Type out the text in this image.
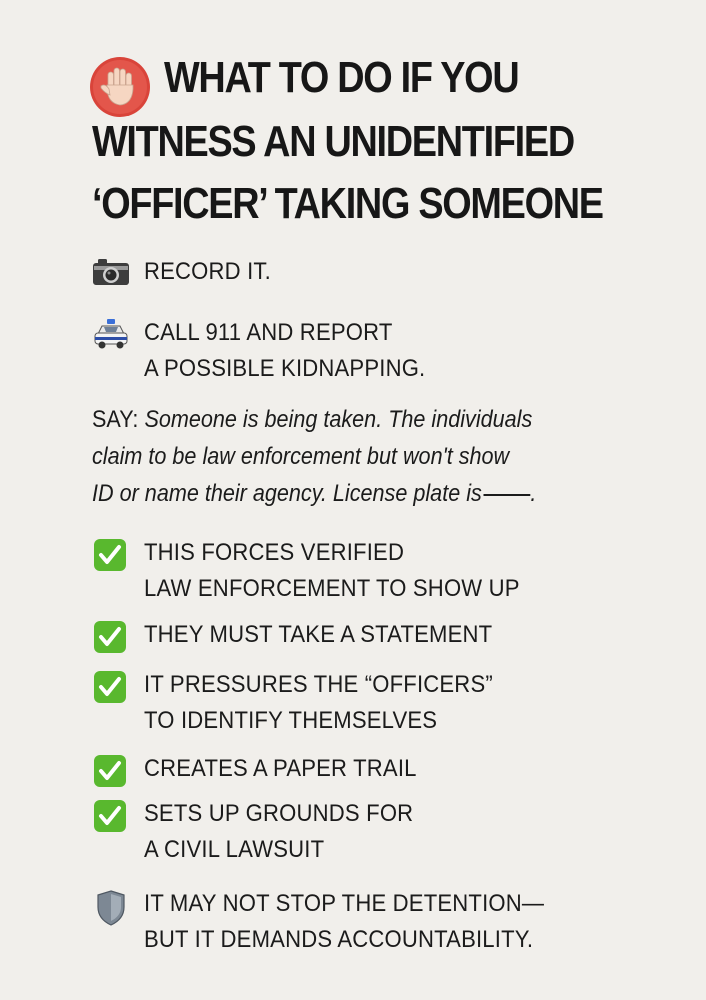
WHAT TO DO IF YOU
WITNESS AN UNIDENTIFIED
‘OFFICER’ TAKING SOMEONE
RECORD IT.
CALL 911 AND REPORT
A POSSIBLE KIDNAPPING.
SAY: Someone is being taken. The individuals
claim to be law enforcement but won't show
ID or name their agency. License plate is .
THIS FORCES VERIFIED
LAW ENFORCEMENT TO SHOW UP
THEY MUST TAKE A STATEMENT
IT PRESSURES THE “OFFICERS”
TO IDENTIFY THEMSELVES
CREATES A PAPER TRAIL
SETS UP GROUNDS FOR
A CIVIL LAWSUIT
IT MAY NOT STOP THE DETENTION—
BUT IT DEMANDS ACCOUNTABILITY.
